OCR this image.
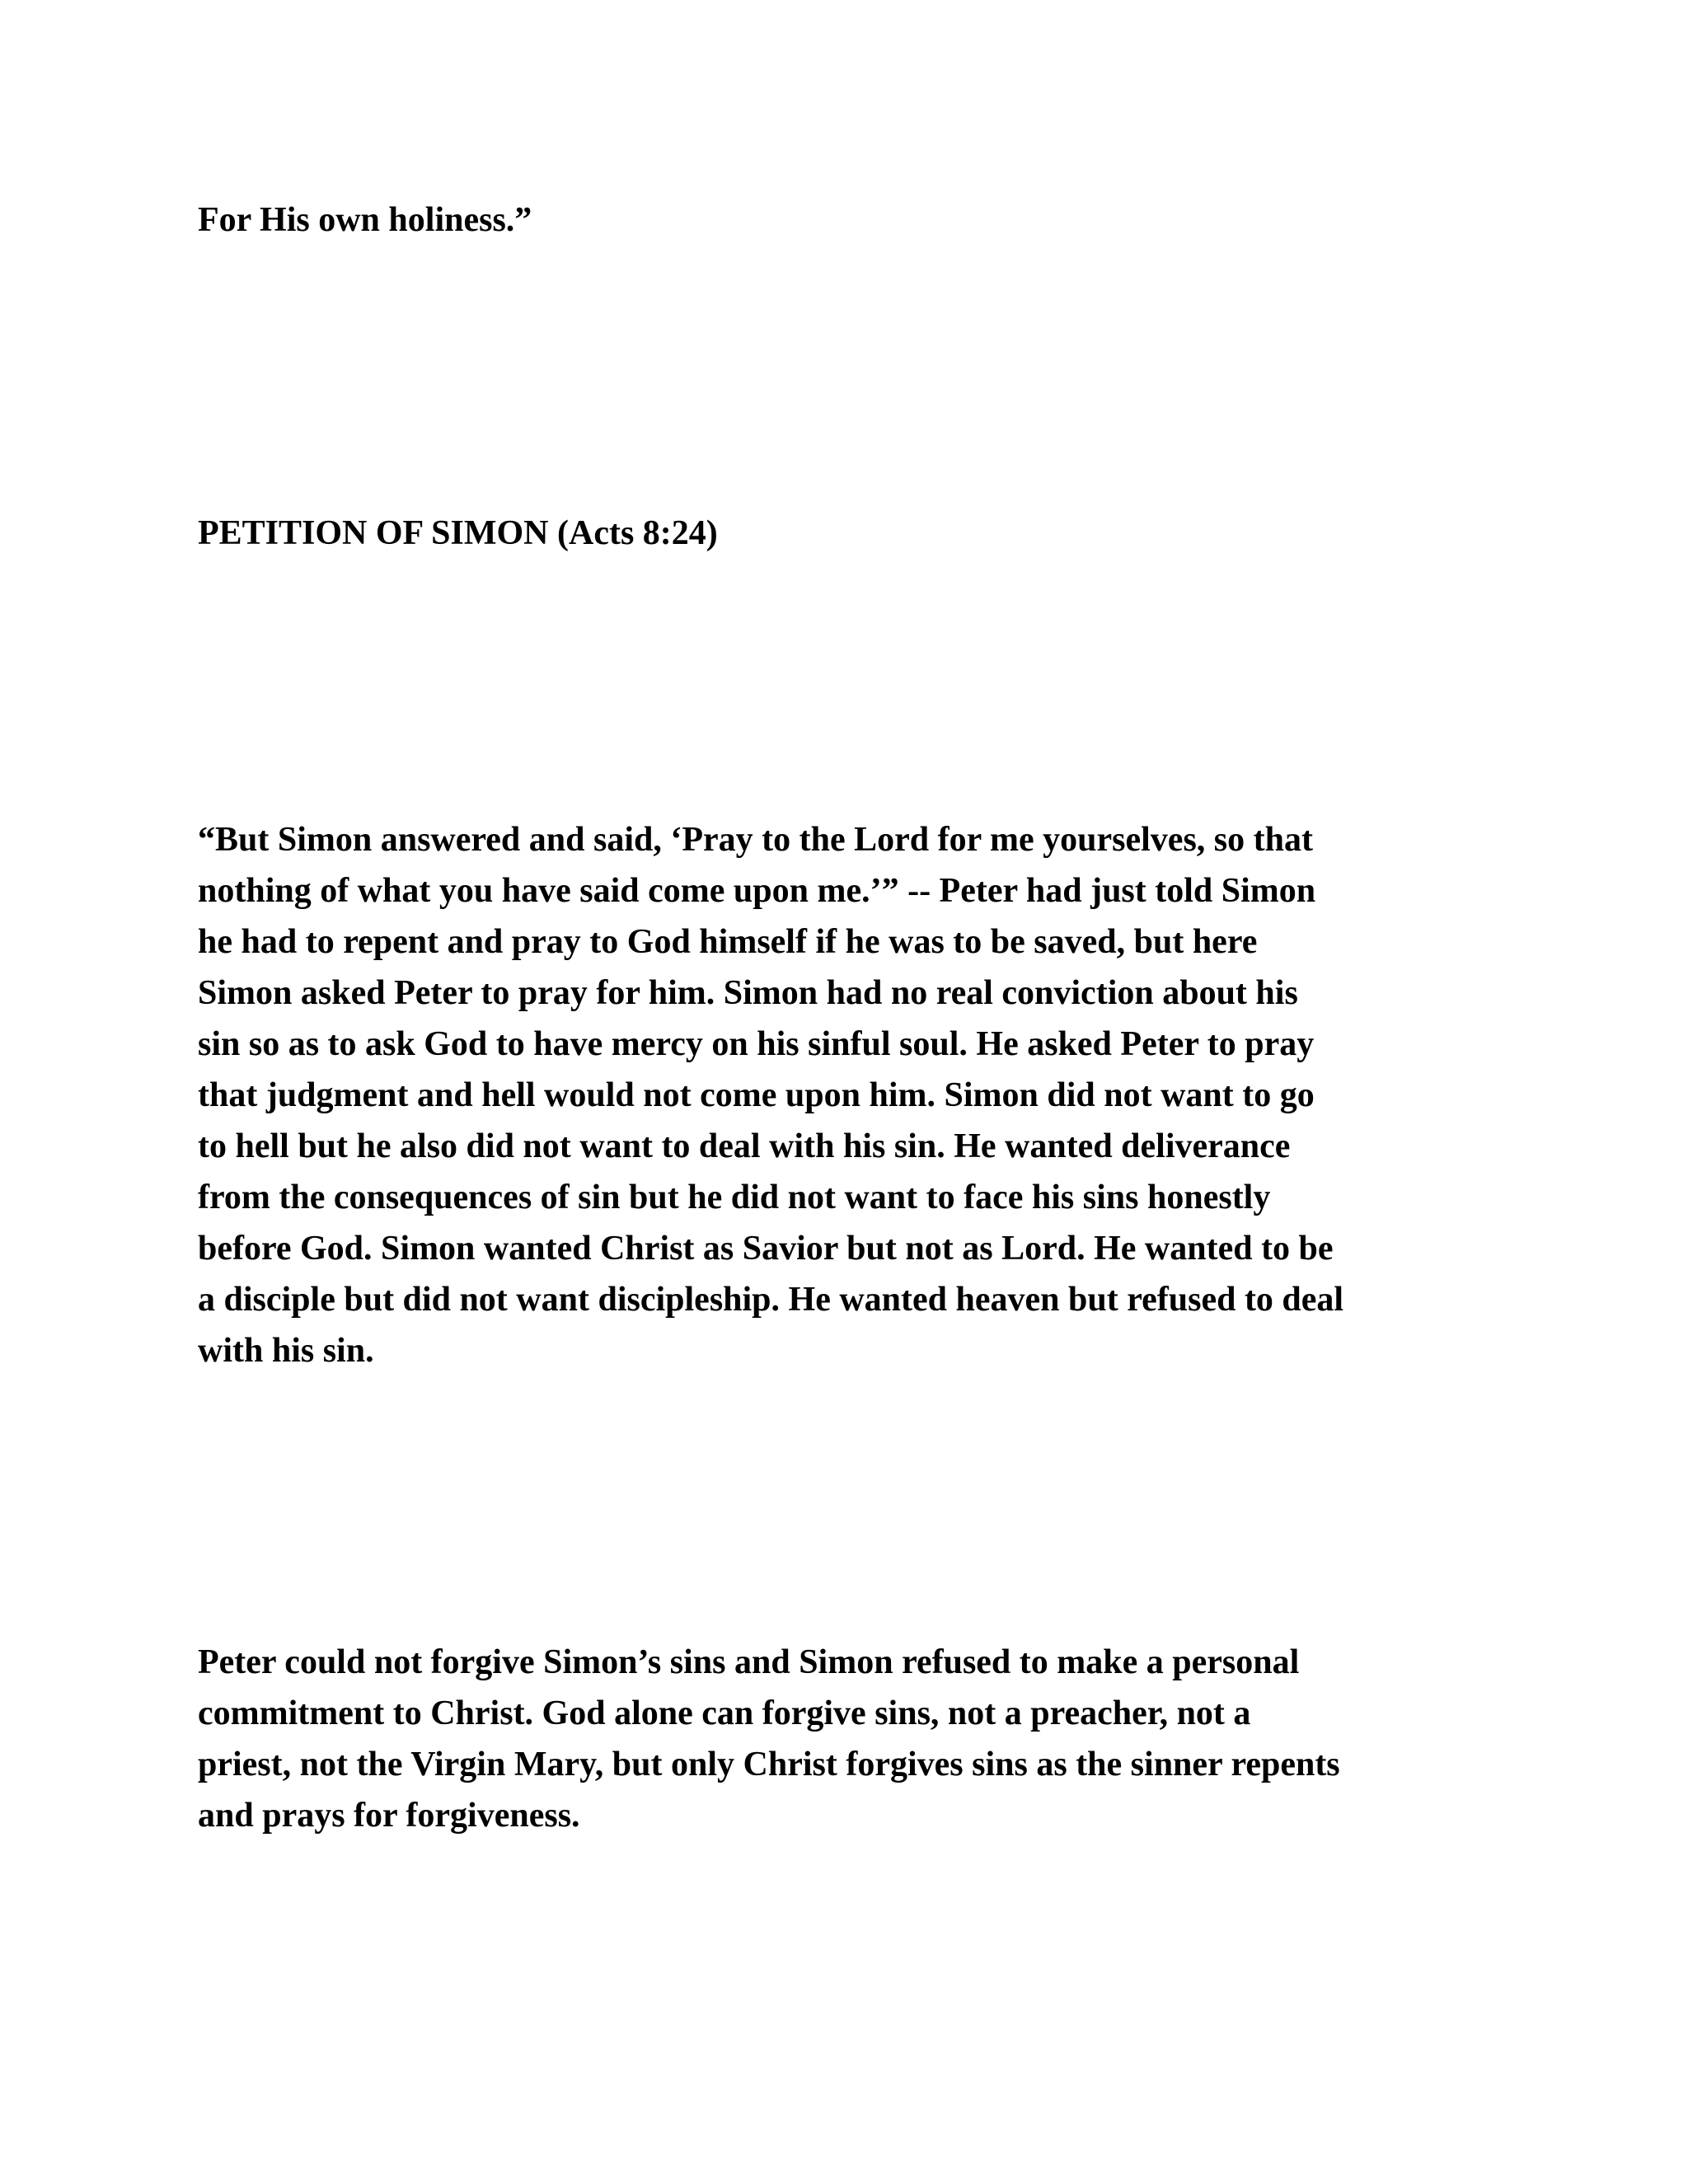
For His own holiness.”

PETITION OF SIMON (Acts 8:24)

“But Simon answered and said, ‘Pray to the Lord for me yourselves, so that
nothing of what you have said come upon me.’” -- Peter had just told Simon
he had to repent and pray to God himself if he was to be saved, but here
Simon asked Peter to pray for him. Simon had no real conviction about his
sin so as to ask God to have mercy on his sinful soul. He asked Peter to pray
that judgment and hell would not come upon him. Simon did not want to go
to hell but he also did not want to deal with his sin. He wanted deliverance
from the consequences of sin but he did not want to face his sins honestly
before God. Simon wanted Christ as Savior but not as Lord. He wanted to be
a disciple but did not want discipleship. He wanted heaven but refused to deal
with his sin.
Peter could not forgive Simon’s sins and Simon refused to make a personal
commitment to Christ. God alone can forgive sins, not a preacher, not a
priest, not the Virgin Mary, but only Christ forgives sins as the sinner repents
and prays for forgiveness.
